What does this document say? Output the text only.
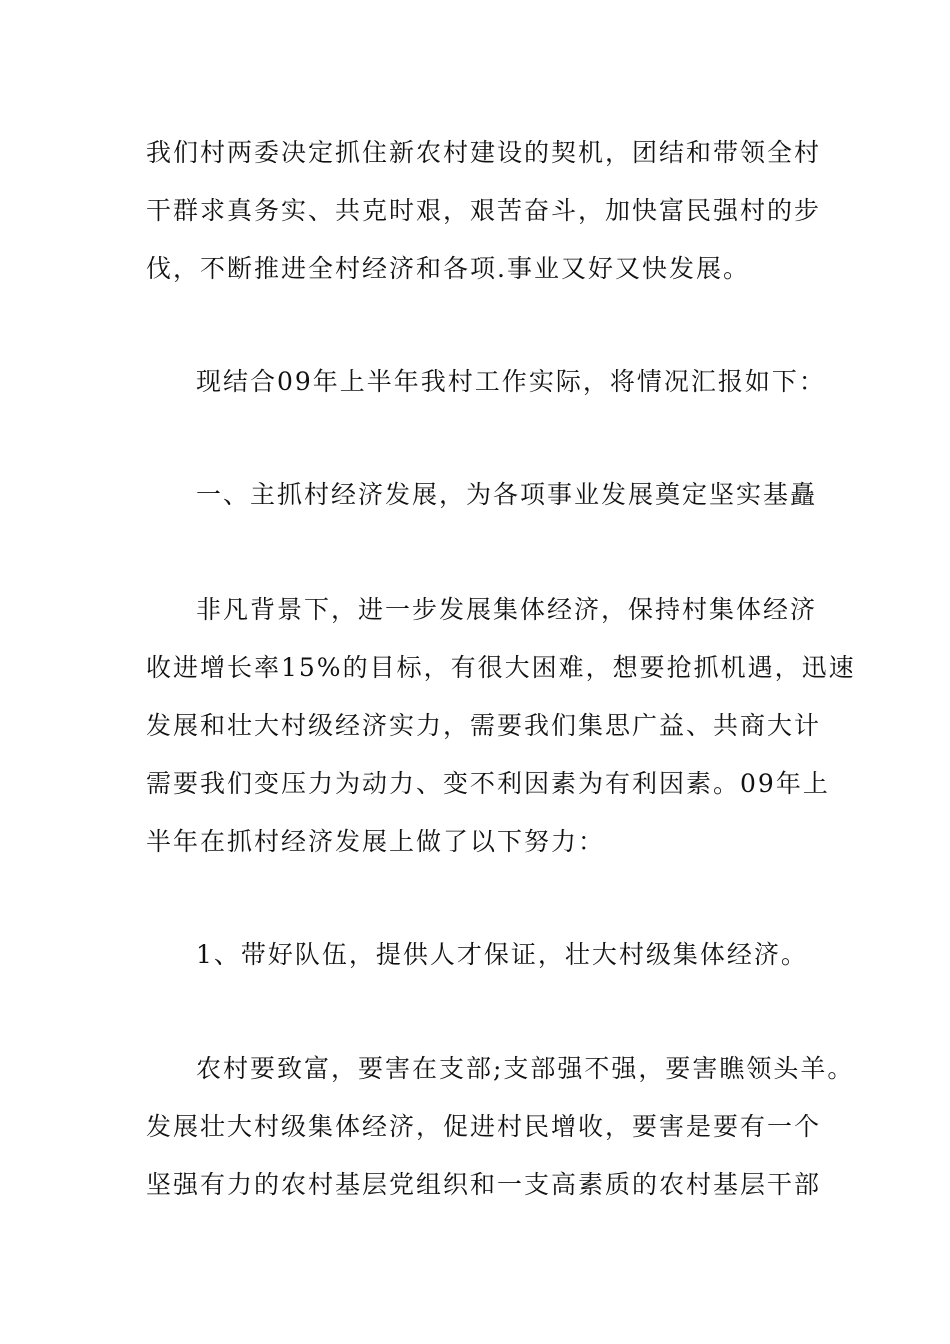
我们村两委决定抓住新农村建设的契机，团结和带领全村
干群求真务实、共克时艰，艰苦奋斗，加快富民强村的步
伐，不断推进全村经济和各项.事业又好又快发展。
现结合09年上半年我村工作实际，将情况汇报如下：
一、主抓村经济发展，为各项事业发展奠定坚实基矗
非凡背景下，进一步发展集体经济，保持村集体经济
收进增长率15%的目标，有很大困难，想要抢抓机遇，迅速
发展和壮大村级经济实力，需要我们集思广益、共商大计
需要我们变压力为动力、变不利因素为有利因素。09年上
半年在抓村经济发展上做了以下努力：
1、带好队伍，提供人才保证，壮大村级集体经济。
农村要致富，要害在支部;支部强不强，要害瞧领头羊。
发展壮大村级集体经济，促进村民增收，要害是要有一个
坚强有力的农村基层党组织和一支高素质的农村基层干部
